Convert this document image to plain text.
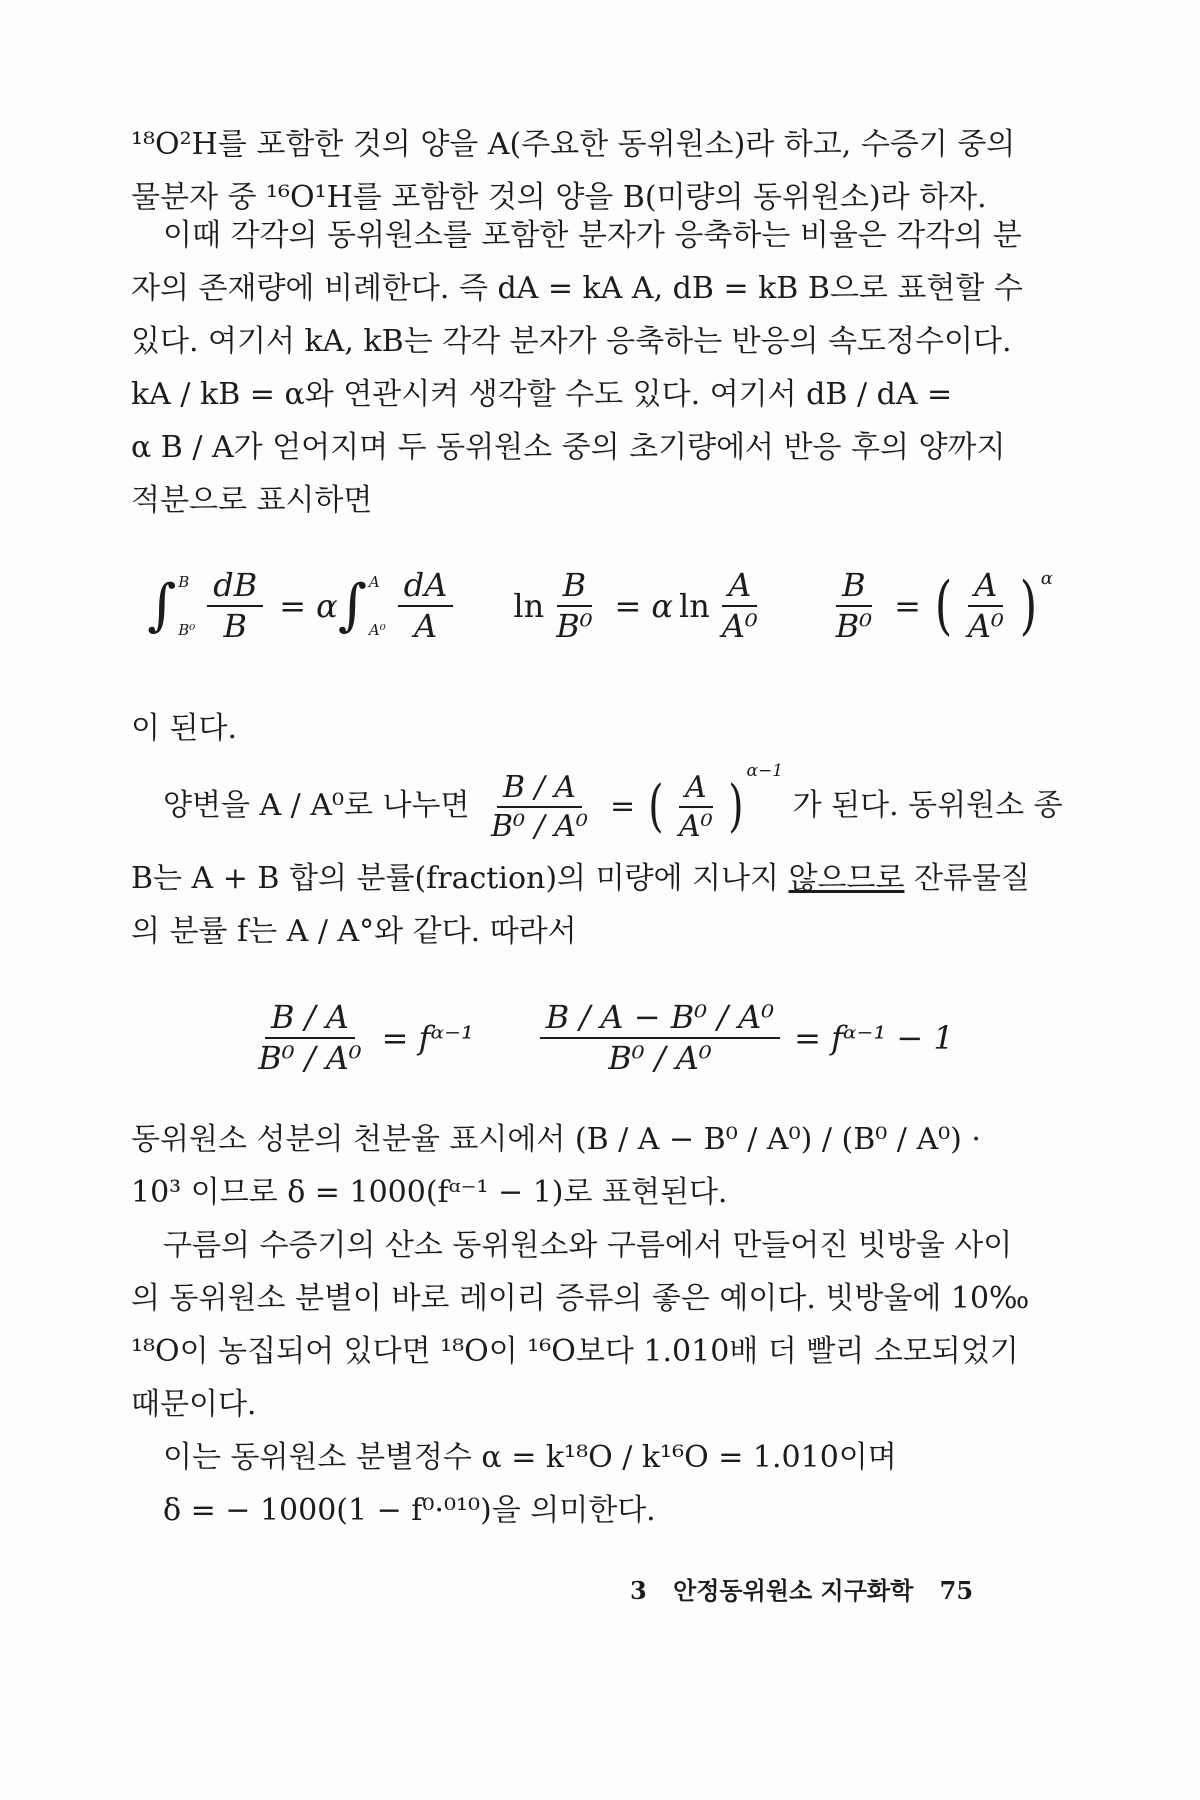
¹⁸O²H를 포함한 것의 양을 A(주요한 동위원소)라 하고, 수증기 중의
물분자 중 ¹⁶O¹H를 포함한 것의 양을 B(미량의 동위원소)라 하자.
이때 각각의 동위원소를 포함한 분자가 응축하는 비율은 각각의 분
자의 존재량에 비례한다. 즉 dA = kA A, dB = kB B으로 표현할 수
있다. 여기서 kA, kB는 각각 분자가 응축하는 반응의 속도정수이다.
kA / kB = α와 연관시켜 생각할 수도 있다. 여기서 dB / dA =
α B / A가 얻어지며 두 동위원소 중의 초기량에서 반응 후의 양까지
적분으로 표시하면
∫ B
$B^0 \frac{dB}{B} = \alpha$ ∫ A
$A^0 \frac{dA}{A}$ $\ln \frac{B}{\text{B⁰}} = \alpha$ $\ln \frac{A}{\text{A⁰}} \frac{B}{\text{B⁰}}$ = ( $\frac{A}{\text{A⁰}}$ ) α
이 된다.
양변을 A / A⁰로 나누면 $\frac{B / A}{\text{B⁰ / A⁰}}$ = ( $\frac{A}{\text{A⁰}}$ )
α−1
가 된다. 동위원소 종
B는 A + B 합의 분률(fraction)의 미량에 지나지 않으므로 잔류물질
의 분률 f는 A / A°와 같다. 따라서
$\frac{B / A}{\text{B⁰ / A⁰}}$ = fᵅ⁻¹ $\frac{\text{B / A − B⁰ / A⁰}}{\text{B⁰ / A⁰}}$ = fᵅ⁻¹ − 1
동위원소 성분의 천분율 표시에서 (B / A − B⁰ / A⁰) / (B⁰ / A⁰) ·
10³ 이므로 δ = 1000(fᵅ⁻¹ − 1)로 표현된다.
구름의 수증기의 산소 동위원소와 구름에서 만들어진 빗방울 사이
의 동위원소 분별이 바로 레이리 증류의 좋은 예이다. 빗방울에 10‰
¹⁸O이 농집되어 있다면 ¹⁸O이 ¹⁶O보다 1.010배 더 빨리 소모되었기
때문이다.
이는 동위원소 분별정수 α = k¹⁸O / k¹⁶O = 1.010이며
δ = − 1000(1 − f⁰·⁰¹⁰)을 의미한다.
3 안정동위원소 지구화학 75
